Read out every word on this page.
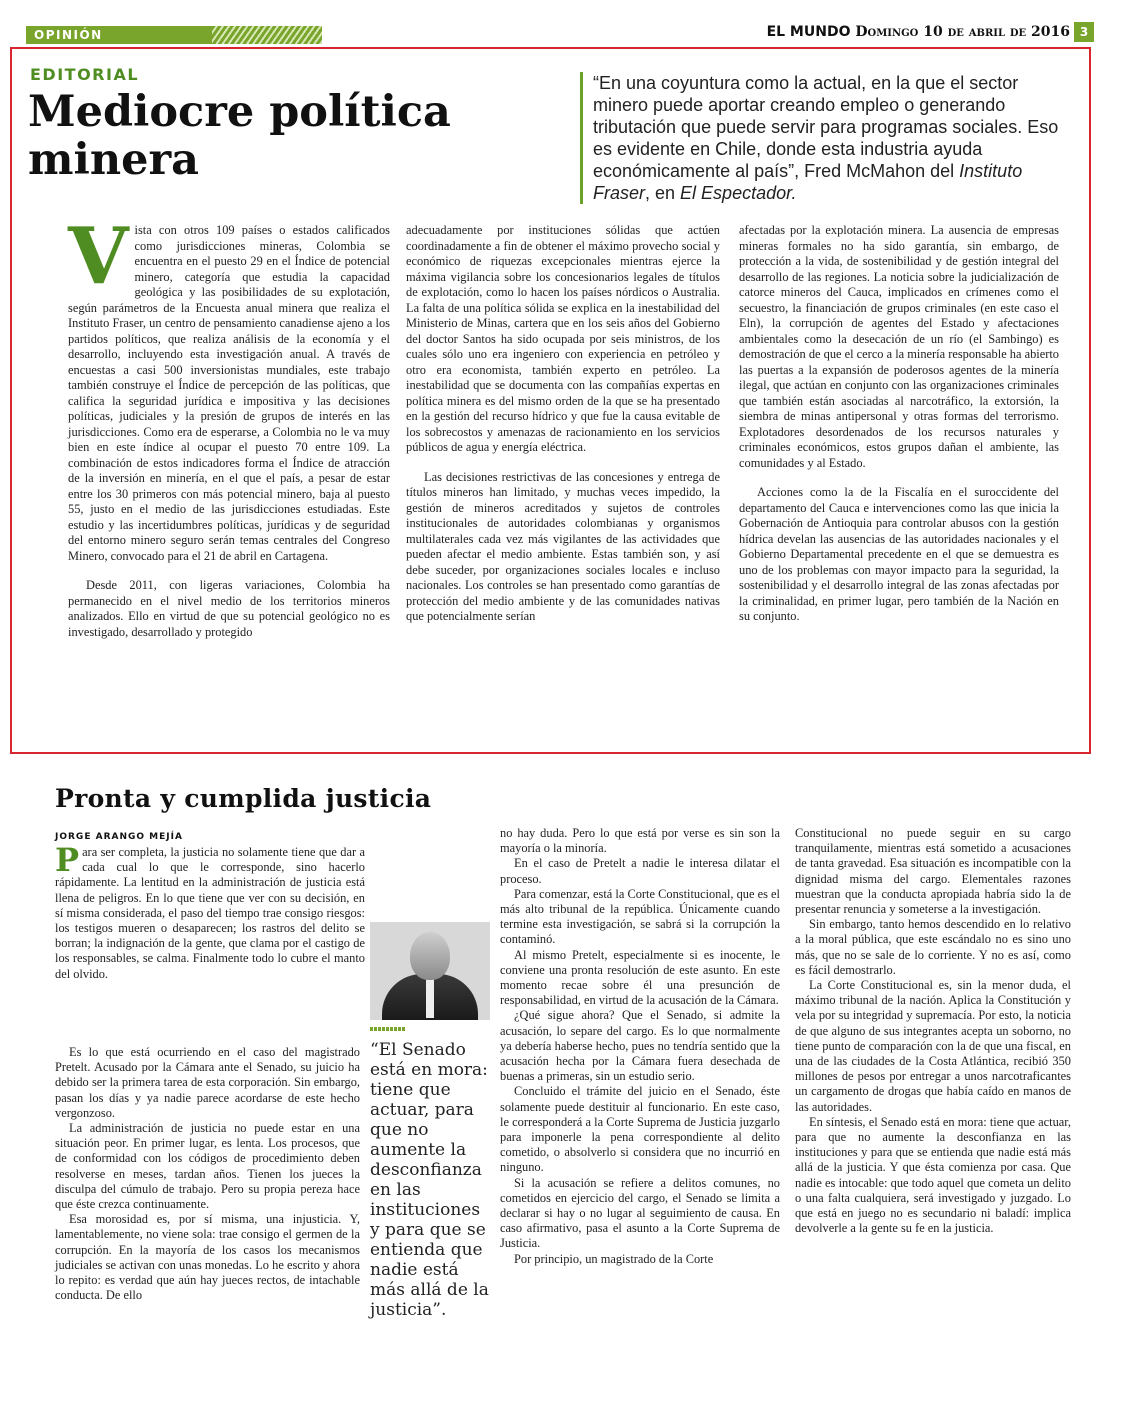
OPINIÓN	EL MUNDO Domingo 10 de abril de 2016 3
EDITORIAL
Mediocre política minera
“En una coyuntura como la actual, en la que el sector minero puede aportar creando empleo o generando tributación que puede servir para programas sociales. Eso es evidente en Chile, donde esta industria ayuda económicamente al país”, Fred McMahon del Instituto Fraser, en El Espectador.

Vista con otros 109 países o estados calificados como jurisdicciones mineras, Colombia se encuentra en el puesto 29 en el Índice de potencial minero, categoría que estudia la capacidad geológica y las posibilidades de su explotación, según parámetros de la Encuesta anual minera que realiza el Instituto Fraser, un centro de pensamiento canadiense ajeno a los partidos políticos, que realiza análisis de la economía y el desarrollo, incluyendo esta investigación anual. A través de encuestas a casi 500 inversionistas mundiales, este trabajo también construye el Índice de percepción de las políticas, que califica la seguridad jurídica e impositiva y las decisiones políticas, judiciales y la presión de grupos de interés en las jurisdicciones. Como era de esperarse, a Colombia no le va muy bien en este índice al ocupar el puesto 70 entre 109. La combinación de estos indicadores forma el Índice de atracción de la inversión en minería, en el que el país, a pesar de estar entre los 30 primeros con más potencial minero, baja al puesto 55, justo en el medio de las jurisdicciones estudiadas. Este estudio y las incertidumbres políticas, jurídicas y de seguridad del entorno minero seguro serán temas centrales del Congreso Minero, convocado para el 21 de abril en Cartagena.

Desde 2011, con ligeras variaciones, Colombia ha permanecido en el nivel medio de los territorios mineros analizados. Ello en virtud de que su potencial geológico no es investigado, desarrollado y protegido

adecuadamente por instituciones sólidas que actúen coordinadamente a fin de obtener el máximo provecho social y económico de riquezas excepcionales mientras ejerce la máxima vigilancia sobre los concesionarios legales de títulos de explotación, como lo hacen los países nórdicos o Australia. La falta de una política sólida se explica en la inestabilidad del Ministerio de Minas, cartera que en los seis años del Gobierno del doctor Santos ha sido ocupada por seis ministros, de los cuales sólo uno era ingeniero con experiencia en petróleo y otro era economista, también experto en petróleo. La inestabilidad que se documenta con las compañías expertas en política minera es del mismo orden de la que se ha presentado en la gestión del recurso hídrico y que fue la causa evitable de los sobrecostos y amenazas de racionamiento en los servicios públicos de agua y energía eléctrica.

Las decisiones restrictivas de las concesiones y entrega de títulos mineros han limitado, y muchas veces impedido, la gestión de mineros acreditados y sujetos de controles institucionales de autoridades colombianas y organismos multilaterales cada vez más vigilantes de las actividades que pueden afectar el medio ambiente. Estas también son, y así debe suceder, por organizaciones sociales locales e incluso nacionales. Los controles se han presentado como garantías de protección del medio ambiente y de las comunidades nativas que potencialmente serían

afectadas por la explotación minera. La ausencia de empresas mineras formales no ha sido garantía, sin embargo, de protección a la vida, de sostenibilidad y de gestión integral del desarrollo de las regiones. La noticia sobre la judicialización de catorce mineros del Cauca, implicados en crímenes como el secuestro, la financiación de grupos criminales (en este caso el Eln), la corrupción de agentes del Estado y afectaciones ambientales como la desecación de un río (el Sambingo) es demostración de que el cerco a la minería responsable ha abierto las puertas a la expansión de poderosos agentes de la minería ilegal, que actúan en conjunto con las organizaciones criminales que también están asociadas al narcotráfico, la extorsión, la siembra de minas antipersonal y otras formas del terrorismo. Explotadores desordenados de los recursos naturales y criminales económicos, estos grupos dañan el ambiente, las comunidades y al Estado.

Acciones como la de la Fiscalía en el suroccidente del departamento del Cauca e intervenciones como las que inicia la Gobernación de Antioquia para controlar abusos con la gestión hídrica develan las ausencias de las autoridades nacionales y el Gobierno Departamental precedente en el que se demuestra es uno de los problemas con mayor impacto para la seguridad, la sostenibilidad y el desarrollo integral de las zonas afectadas por la criminalidad, en primer lugar, pero también de la Nación en su conjunto.

Pronta y cumplida justicia
JORGE ARANGO MEJÍA

Para ser completa, la justicia no solamente tiene que dar a cada cual lo que le corresponde, sino hacerlo rápidamente. La lentitud en la administración de justicia está llena de peligros. En lo que tiene que ver con su decisión, en sí misma considerada, el paso del tiempo trae consigo riesgos: los testigos mueren o desaparecen; los rastros del delito se borran; la indignación de la gente, que clama por el castigo de los responsables, se calma. Finalmente todo lo cubre el manto del olvido.

“El Senado está en mora: tiene que actuar, para que no aumente la desconfianza en las instituciones y para que se entienda que nadie está más allá de la justicia”.

Es lo que está ocurriendo en el caso del magistrado Pretelt. Acusado por la Cámara ante el Senado, su juicio ha debido ser la primera tarea de esta corporación. Sin embargo, pasan los días y ya nadie parece acordarse de este hecho vergonzoso.

La administración de justicia no puede estar en una situación peor. En primer lugar, es lenta. Los procesos, que de conformidad con los códigos de procedimiento deben resolverse en meses, tardan años. Tienen los jueces la disculpa del cúmulo de trabajo. Pero su propia pereza hace que éste crezca continuamente.

Esa morosidad es, por sí misma, una injusticia. Y, lamentablemente, no viene sola: trae consigo el germen de la corrupción. En la mayoría de los casos los mecanismos judiciales se activan con unas monedas. Lo he escrito y ahora lo repito: es verdad que aún hay jueces rectos, de intachable conducta. De ello

no hay duda. Pero lo que está por verse es sin son la mayoría o la minoría.

En el caso de Pretelt a nadie le interesa dilatar el proceso.

Para comenzar, está la Corte Constitucional, que es el más alto tribunal de la república. Únicamente cuando termine esta investigación, se sabrá si la corrupción la contaminó.

Al mismo Pretelt, especialmente si es inocente, le conviene una pronta resolución de este asunto. En este momento recae sobre él una presunción de responsabilidad, en virtud de la acusación de la Cámara.

¿Qué sigue ahora? Que el Senado, si admite la acusación, lo separe del cargo. Es lo que normalmente ya debería haberse hecho, pues no tendría sentido que la acusación hecha por la Cámara fuera desechada de buenas a primeras, sin un estudio serio.

Concluido el trámite del juicio en el Senado, éste solamente puede destituir al funcionario. En este caso, le corresponderá a la Corte Suprema de Justicia juzgarlo para imponerle la pena correspondiente al delito cometido, o absolverlo si considera que no incurrió en ninguno.

Si la acusación se refiere a delitos comunes, no cometidos en ejercicio del cargo, el Senado se limita a declarar si hay o no lugar al seguimiento de causa. En caso afirmativo, pasa el asunto a la Corte Suprema de Justicia.

Por principio, un magistrado de la Corte

Constitucional no puede seguir en su cargo tranquilamente, mientras está sometido a acusaciones de tanta gravedad. Esa situación es incompatible con la dignidad misma del cargo. Elementales razones muestran que la conducta apropiada habría sido la de presentar renuncia y someterse a la investigación.

Sin embargo, tanto hemos descendido en lo relativo a la moral pública, que este escándalo no es sino uno más, que no se sale de lo corriente. Y no es así, como es fácil demostrarlo.

La Corte Constitucional es, sin la menor duda, el máximo tribunal de la nación. Aplica la Constitución y vela por su integridad y supremacía. Por esto, la noticia de que alguno de sus integrantes acepta un soborno, no tiene punto de comparación con la de que una fiscal, en una de las ciudades de la Costa Atlántica, recibió 350 millones de pesos por entregar a unos narcotraficantes un cargamento de drogas que había caído en manos de las autoridades.

En síntesis, el Senado está en mora: tiene que actuar, para que no aumente la desconfianza en las instituciones y para que se entienda que nadie está más allá de la justicia. Y que ésta comienza por casa. Que nadie es intocable: que todo aquel que cometa un delito o una falta cualquiera, será investigado y juzgado. Lo que está en juego no es secundario ni baladí: implica devolverle a la gente su fe en la justicia.
